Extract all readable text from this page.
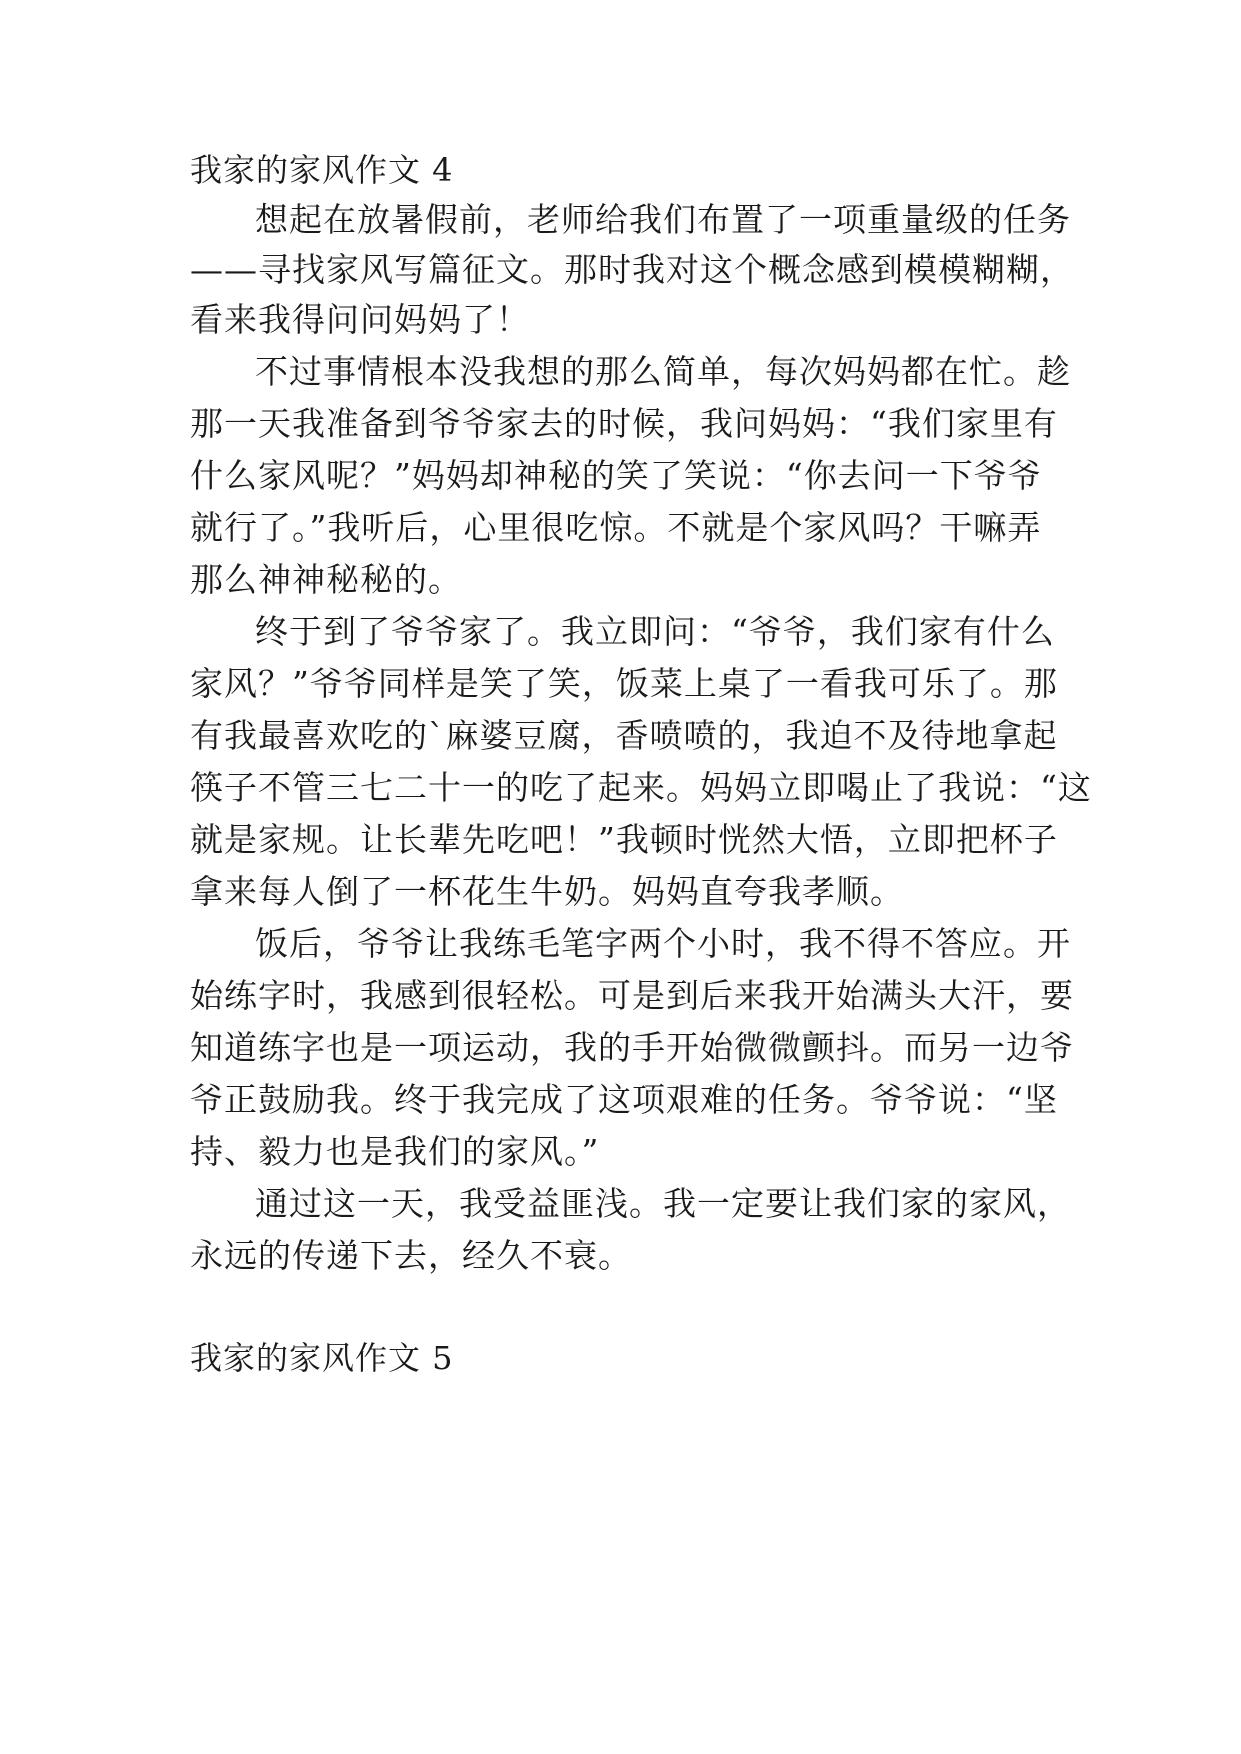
我家的家风作文 4
想起在放暑假前，老师给我们布置了一项重量级的任务
——寻找家风写篇征文。那时我对这个概念感到模模糊糊，
看来我得问问妈妈了！
不过事情根本没我想的那么简单，每次妈妈都在忙。趁
那一天我准备到爷爷家去的时候，我问妈妈：“我们家里有
什么家风呢？”妈妈却神秘的笑了笑说：“你去问一下爷爷
就行了。”我听后，心里很吃惊。不就是个家风吗？干嘛弄
那么神神秘秘的。
终于到了爷爷家了。我立即问：“爷爷，我们家有什么
家风？”爷爷同样是笑了笑，饭菜上桌了一看我可乐了。那
有我最喜欢吃的`麻婆豆腐，香喷喷的，我迫不及待地拿起
筷子不管三七二十一的吃了起来。妈妈立即喝止了我说：“这
就是家规。让长辈先吃吧！”我顿时恍然大悟，立即把杯子
拿来每人倒了一杯花生牛奶。妈妈直夸我孝顺。
饭后，爷爷让我练毛笔字两个小时，我不得不答应。开
始练字时，我感到很轻松。可是到后来我开始满头大汗，要
知道练字也是一项运动，我的手开始微微颤抖。而另一边爷
爷正鼓励我。终于我完成了这项艰难的任务。爷爷说：“坚
持、毅力也是我们的家风。”
通过这一天，我受益匪浅。我一定要让我们家的家风，
永远的传递下去，经久不衰。
我家的家风作文 5
